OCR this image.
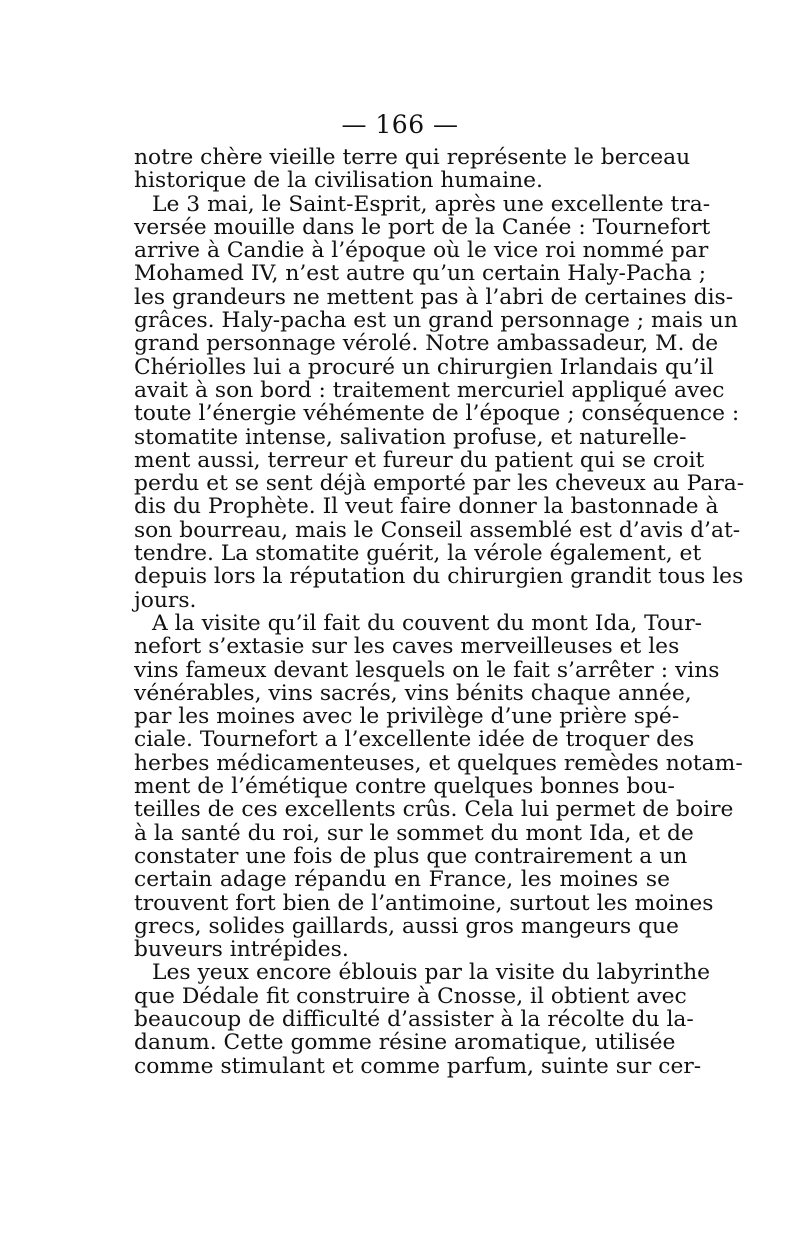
— 166 —
notre chère vieille terre qui représente le berceau
historique de la civilisation humaine.
Le 3 mai, le Saint-Esprit, après une excellente tra-
versée mouille dans le port de la Canée : Tournefort
arrive à Candie à l’époque où le vice roi nommé par
Mohamed IV, n’est autre qu’un certain Haly-Pacha ;
les grandeurs ne mettent pas à l’abri de certaines dis-
grâces. Haly-pacha est un grand personnage ; mais un
grand personnage vérolé. Notre ambassadeur, M. de
Chériolles lui a procuré un chirurgien Irlandais qu’il
avait à son bord : traitement mercuriel appliqué avec
toute l’énergie véhémente de l’époque ; conséquence :
stomatite intense, salivation profuse, et naturelle-
ment aussi, terreur et fureur du patient qui se croit
perdu et se sent déjà emporté par les cheveux au Para-
dis du Prophète. Il veut faire donner la bastonnade à
son bourreau, mais le Conseil assemblé est d’avis d’at-
tendre. La stomatite guérit, la vérole également, et
depuis lors la réputation du chirurgien grandit tous les
jours.
A la visite qu’il fait du couvent du mont Ida, Tour-
nefort s’extasie sur les caves merveilleuses et les
vins fameux devant lesquels on le fait s’arrêter : vins
vénérables, vins sacrés, vins bénits chaque année,
par les moines avec le privilège d’une prière spé-
ciale. Tournefort a l’excellente idée de troquer des
herbes médicamenteuses, et quelques remèdes notam-
ment de l’émétique contre quelques bonnes bou-
teilles de ces excellents crûs. Cela lui permet de boire
à la santé du roi, sur le sommet du mont Ida, et de
constater une fois de plus que contrairement a un
certain adage répandu en France, les moines se
trouvent fort bien de l’antimoine, surtout les moines
grecs, solides gaillards, aussi gros mangeurs que
buveurs intrépides.
Les yeux encore éblouis par la visite du labyrinthe
que Dédale fit construire à Cnosse, il obtient avec
beaucoup de difficulté d’assister à la récolte du la-
danum. Cette gomme résine aromatique, utilisée
comme stimulant et comme parfum, suinte sur cer-
